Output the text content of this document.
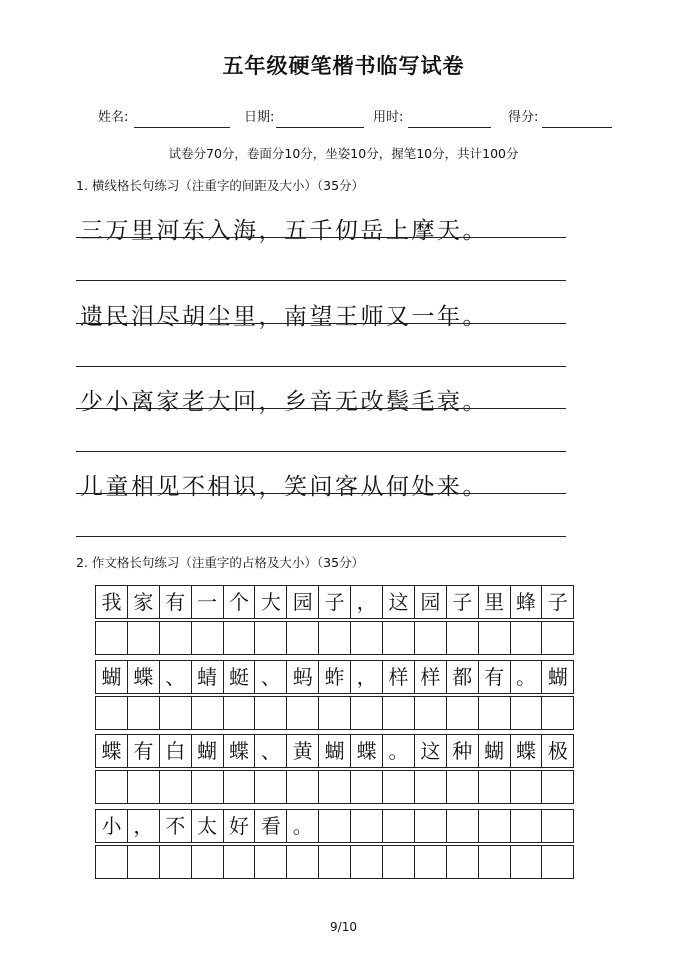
五年级硬笔楷书临写试卷
姓名:	日期:	用时:	得分:
试卷分70分，卷面分10分，坐姿10分，握笔10分，共计100分
1. 横线格长句练习（注重字的间距及大小）（35分）
三万里河东入海，五千仞岳上摩天。
遗民泪尽胡尘里，南望王师又一年。
少小离家老大回，乡音无改鬓毛衰。
儿童相见不相识，笑问客从何处来。
2. 作文格长句练习（注重字的占格及大小）（35分）
我 家 有 一 个 大 园 子 ， 这 园 子 里 蜂 子
蝴 蝶 、 蜻 蜓 、 蚂 蚱 ， 样 样 都 有 。 蝴
蝶 有 白 蝴 蝶 、 黄 蝴 蝶 。 这 种 蝴 蝶 极
小 ， 不 太 好 看 。
9/10
